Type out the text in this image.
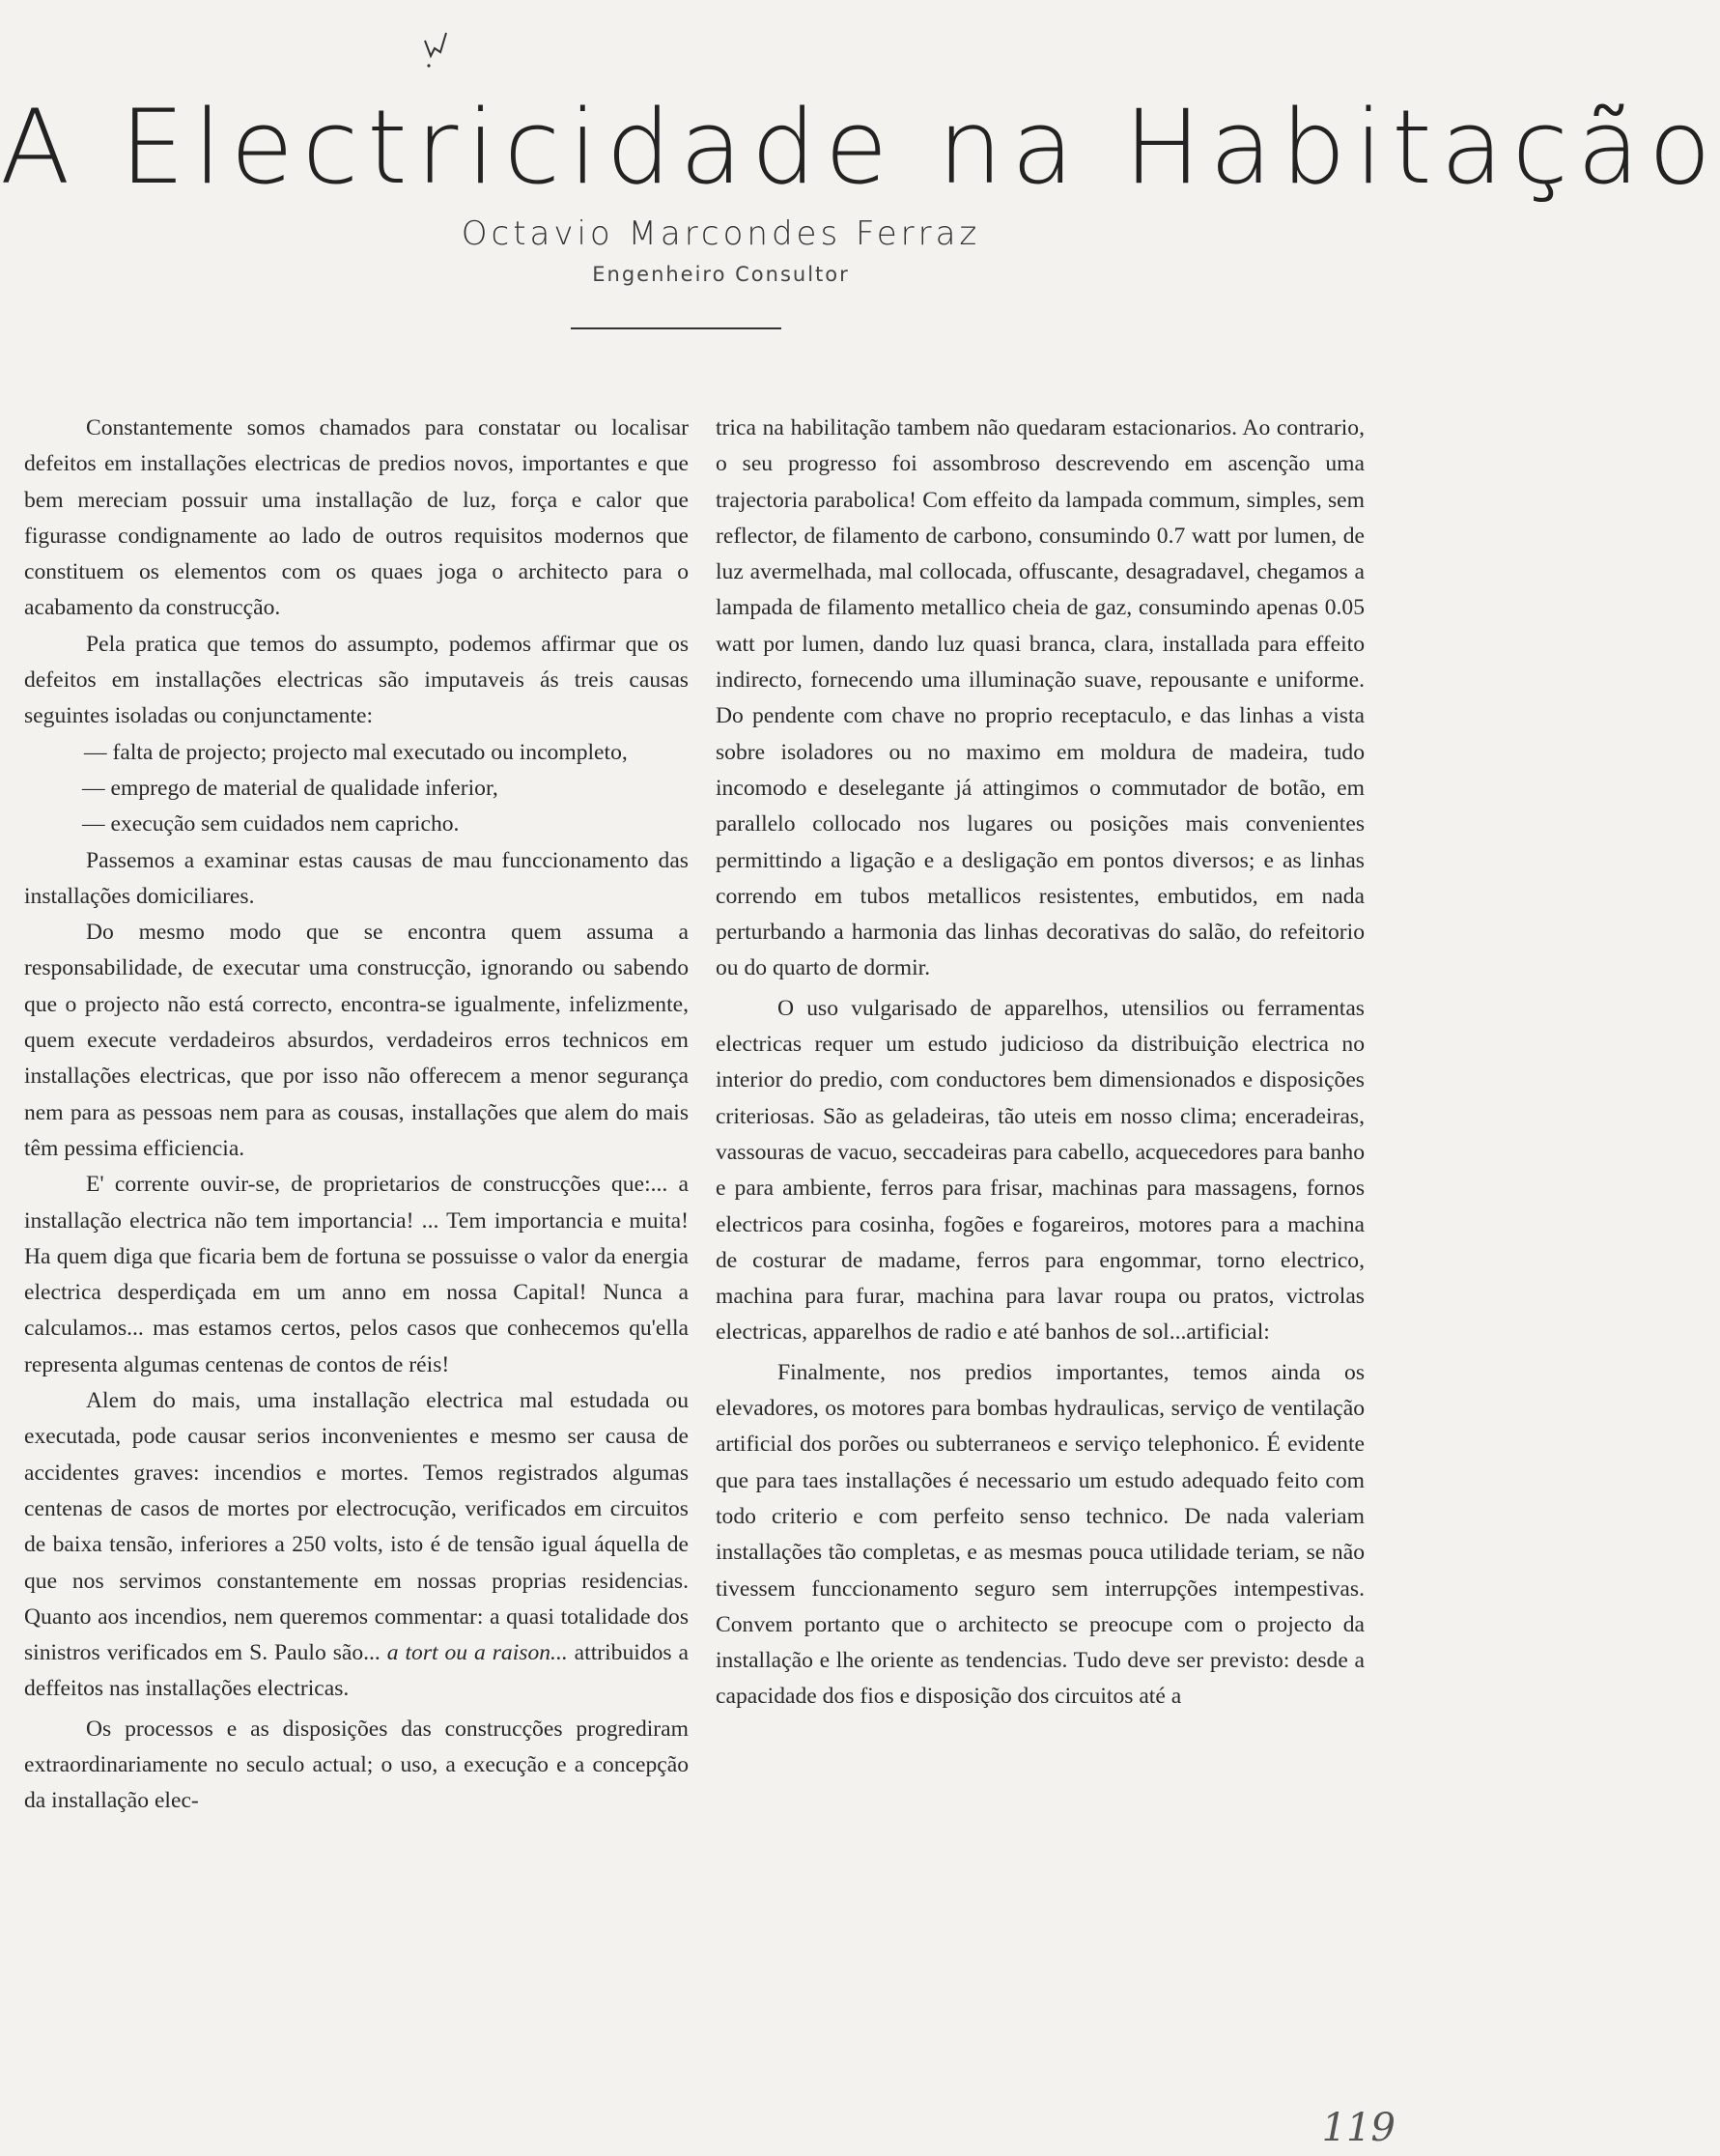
A Electricidade na Habitação
Octavio Marcondes Ferraz
Engenheiro Consultor

Constantemente somos chamados para constatar ou localisar defeitos em installações electricas de predios novos, importantes e que bem mereciam possuir uma installação de luz, força e calor que figurasse condignamente ao lado de outros requisitos modernos que constituem os elementos com os quaes joga o architecto para o acabamento da construcção.

Pela pratica que temos do assumpto, podemos affirmar que os defeitos em installações electricas são imputaveis ás treis causas seguintes isoladas ou conjunctamente:

— falta de projecto; projecto mal executado ou incompleto,

— emprego de material de qualidade inferior,

— execução sem cuidados nem capricho.

Passemos a examinar estas causas de mau funccionamento das installações domiciliares.

Do mesmo modo que se encontra quem assuma a responsabilidade, de executar uma construcção, ignorando ou sabendo que o projecto não está correcto, encontra-se igualmente, infelizmente, quem execute verdadeiros absurdos, verdadeiros erros technicos em installações electricas, que por isso não offerecem a menor segurança nem para as pessoas nem para as cousas, installações que alem do mais têm pessima efficiencia.

E' corrente ouvir-se, de proprietarios de construcções que:... a installação electrica não tem importancia! ... Tem importancia e muita! Ha quem diga que ficaria bem de fortuna se possuisse o valor da energia electrica desperdiçada em um anno em nossa Capital! Nunca a calculamos... mas estamos certos, pelos casos que conhecemos qu'ella representa algumas centenas de contos de réis!

Alem do mais, uma installação electrica mal estudada ou executada, pode causar serios inconvenientes e mesmo ser causa de accidentes graves: incendios e mortes. Temos registrados algumas centenas de casos de mortes por electrocução, verificados em circuitos de baixa tensão, inferiores a 250 volts, isto é de tensão igual áquella de que nos servimos constantemente em nossas proprias residencias. Quanto aos incendios, nem queremos commentar: a quasi totalidade dos sinistros verificados em S. Paulo são... a tort ou a raison... attribuidos a deffeitos nas installações electricas.

Os processos e as disposições das construcções progrediram extraordinariamente no seculo actual; o uso, a execução e a concepção da installação elec-

trica na habilitação tambem não quedaram estacionarios. Ao contrario, o seu progresso foi assombroso descrevendo em ascenção uma trajectoria parabolica! Com effeito da lampada commum, simples, sem reflector, de filamento de carbono, consumindo 0.7 watt por lumen, de luz avermelhada, mal collocada, offuscante, desagradavel, chegamos a lampada de filamento metallico cheia de gaz, consumindo apenas 0.05 watt por lumen, dando luz quasi branca, clara, installada para effeito indirecto, fornecendo uma illuminação suave, repousante e uniforme. Do pendente com chave no proprio receptaculo, e das linhas a vista sobre isoladores ou no maximo em moldura de madeira, tudo incomodo e deselegante já attingimos o commutador de botão, em parallelo collocado nos lugares ou posições mais convenientes permittindo a ligação e a desligação em pontos diversos; e as linhas correndo em tubos metallicos resistentes, embutidos, em nada perturbando a harmonia das linhas decorativas do salão, do refeitorio ou do quarto de dormir.

O uso vulgarisado de apparelhos, utensilios ou ferramentas electricas requer um estudo judicioso da distribuição electrica no interior do predio, com conductores bem dimensionados e disposições criteriosas. São as geladeiras, tão uteis em nosso clima; enceradeiras, vassouras de vacuo, seccadeiras para cabello, acquecedores para banho e para ambiente, ferros para frisar, machinas para massagens, fornos electricos para cosinha, fogões e fogareiros, motores para a machina de costurar de madame, ferros para engommar, torno electrico, machina para furar, machina para lavar roupa ou pratos, victrolas electricas, apparelhos de radio e até banhos de sol...artificial:

Finalmente, nos predios importantes, temos ainda os elevadores, os motores para bombas hydraulicas, serviço de ventilação artificial dos porões ou subterraneos e serviço telephonico. É evidente que para taes installações é necessario um estudo adequado feito com todo criterio e com perfeito senso technico. De nada valeriam installações tão completas, e as mesmas pouca utilidade teriam, se não tivessem funccionamento seguro sem interrupções intempestivas. Convem portanto que o architecto se preocupe com o projecto da installação e lhe oriente as tendencias. Tudo deve ser previsto: desde a capacidade dos fios e disposição dos circuitos até a

119
